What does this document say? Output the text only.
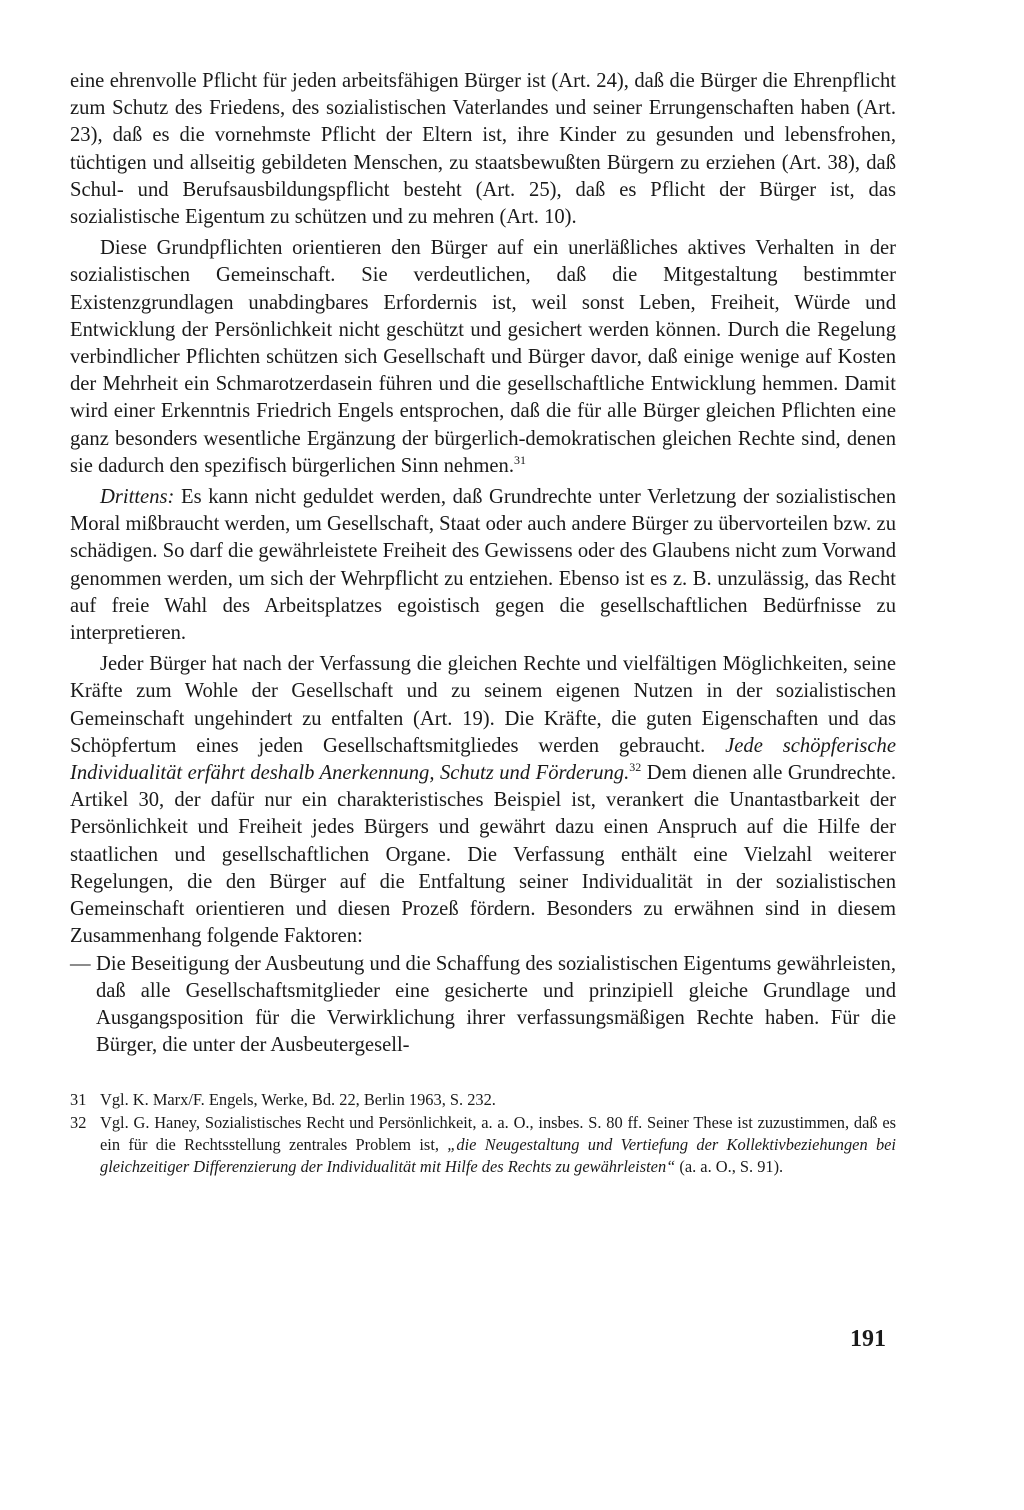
eine ehrenvolle Pflicht für jeden arbeitsfähigen Bürger ist (Art. 24), daß die Bürger die Ehrenpflicht zum Schutz des Friedens, des sozialistischen Vaterlandes und seiner Errungenschaften haben (Art. 23), daß es die vornehmste Pflicht der Eltern ist, ihre Kinder zu gesunden und lebensfrohen, tüchtigen und allseitig gebildeten Menschen, zu staatsbewußten Bürgern zu erziehen (Art. 38), daß Schul- und Berufsausbildungspflicht besteht (Art. 25), daß es Pflicht der Bürger ist, das sozialistische Eigentum zu schützen und zu mehren (Art. 10).

Diese Grundpflichten orientieren den Bürger auf ein unerläßliches aktives Verhalten in der sozialistischen Gemeinschaft. Sie verdeutlichen, daß die Mitgestaltung bestimmter Existenzgrundlagen unabdingbares Erfordernis ist, weil sonst Leben, Freiheit, Würde und Entwicklung der Persönlichkeit nicht geschützt und gesichert werden können. Durch die Regelung verbindlicher Pflichten schützen sich Gesellschaft und Bürger davor, daß einige wenige auf Kosten der Mehrheit ein Schmarotzerdasein führen und die gesellschaftliche Entwicklung hemmen. Damit wird einer Erkenntnis Friedrich Engels entsprochen, daß die für alle Bürger gleichen Pflichten eine ganz besonders wesentliche Ergänzung der bürgerlich-demokratischen gleichen Rechte sind, denen sie dadurch den spezifisch bürgerlichen Sinn nehmen.$^{31}$

Drittens: Es kann nicht geduldet werden, daß Grundrechte unter Verletzung der sozialistischen Moral mißbraucht werden, um Gesellschaft, Staat oder auch andere Bürger zu übervorteilen bzw. zu schädigen. So darf die gewährleistete Freiheit des Gewissens oder des Glaubens nicht zum Vorwand genommen werden, um sich der Wehrpflicht zu entziehen. Ebenso ist es z. B. unzulässig, das Recht auf freie Wahl des Arbeitsplatzes egoistisch gegen die gesellschaftlichen Bedürfnisse zu interpretieren.

Jeder Bürger hat nach der Verfassung die gleichen Rechte und vielfältigen Möglichkeiten, seine Kräfte zum Wohle der Gesellschaft und zu seinem eigenen Nutzen in der sozialistischen Gemeinschaft ungehindert zu entfalten (Art. 19). Die Kräfte, die guten Eigenschaften und das Schöpfertum eines jeden Gesellschaftsmitgliedes werden gebraucht. Jede schöpferische Individualität erfährt deshalb Anerkennung, Schutz und Förderung.$^{32}$ Dem dienen alle Grundrechte. Artikel 30, der dafür nur ein charakteristisches Beispiel ist, verankert die Unantastbarkeit der Persönlichkeit und Freiheit jedes Bürgers und gewährt dazu einen Anspruch auf die Hilfe der staatlichen und gesellschaftlichen Organe. Die Verfassung enthält eine Vielzahl weiterer Regelungen, die den Bürger auf die Entfaltung seiner Individualität in der sozialistischen Gemeinschaft orientieren und diesen Prozeß fördern. Besonders zu erwähnen sind in diesem Zusammenhang folgende Faktoren:

— Die Beseitigung der Ausbeutung und die Schaffung des sozialistischen Eigentums gewährleisten, daß alle Gesellschaftsmitglieder eine gesicherte und prinzipiell gleiche Grundlage und Ausgangsposition für die Verwirklichung ihrer verfassungsmäßigen Rechte haben. Für die Bürger, die unter der Ausbeutergesell-

31 Vgl. K. Marx/F. Engels, Werke, Bd. 22, Berlin 1963, S. 232.
32 Vgl. G. Haney, Sozialistisches Recht und Persönlichkeit, a. a. O., insbes. S. 80 ff. Seiner These ist zuzustimmen, daß es ein für die Rechtsstellung zentrales Problem ist, „die Neugestaltung und Vertiefung der Kollektivbeziehungen bei gleichzeitiger Differenzierung der Individualität mit Hilfe des Rechts zu gewährleisten“ (a. a. O., S. 91).
191
